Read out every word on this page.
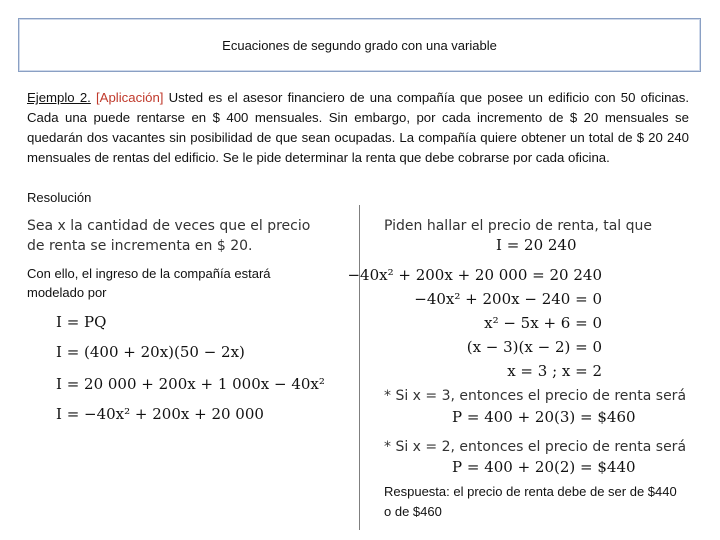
Ecuaciones de segundo grado con una variable
Ejemplo 2. [Aplicación] Usted es el asesor financiero de una compañía que posee un edificio con 50 oficinas. Cada una puede rentarse en $ 400 mensuales. Sin embargo, por cada incremento de $ 20 mensuales se quedarán dos vacantes sin posibilidad de que sean ocupadas. La compañía quiere obtener un total de $ 20 240 mensuales de rentas del edificio. Se le pide determinar la renta que debe cobrarse por cada oficina.
Resolución
Sea x la cantidad de veces que el precio de renta se incrementa en $ 20.
Con ello, el ingreso de la compañía estará modelado por
I = PQ
I = (400 + 20x)(50 − 2x)
I = 20 000 + 200x + 1 000x − 40x²
I = −40x² + 200x + 20 000
Piden hallar el precio de renta, tal que
I = 20 240
−40x² + 200x + 20 000 = 20 240
−40x² + 200x − 240 = 0
x² − 5x + 6 = 0
(x − 3)(x − 2) = 0
x = 3 ; x = 2
* Si x = 3, entonces el precio de renta será
P = 400 + 20(3) = $460
* Si x = 2, entonces el precio de renta será
P = 400 + 20(2) = $440
Respuesta: el precio de renta debe de ser de $440 o de $460
